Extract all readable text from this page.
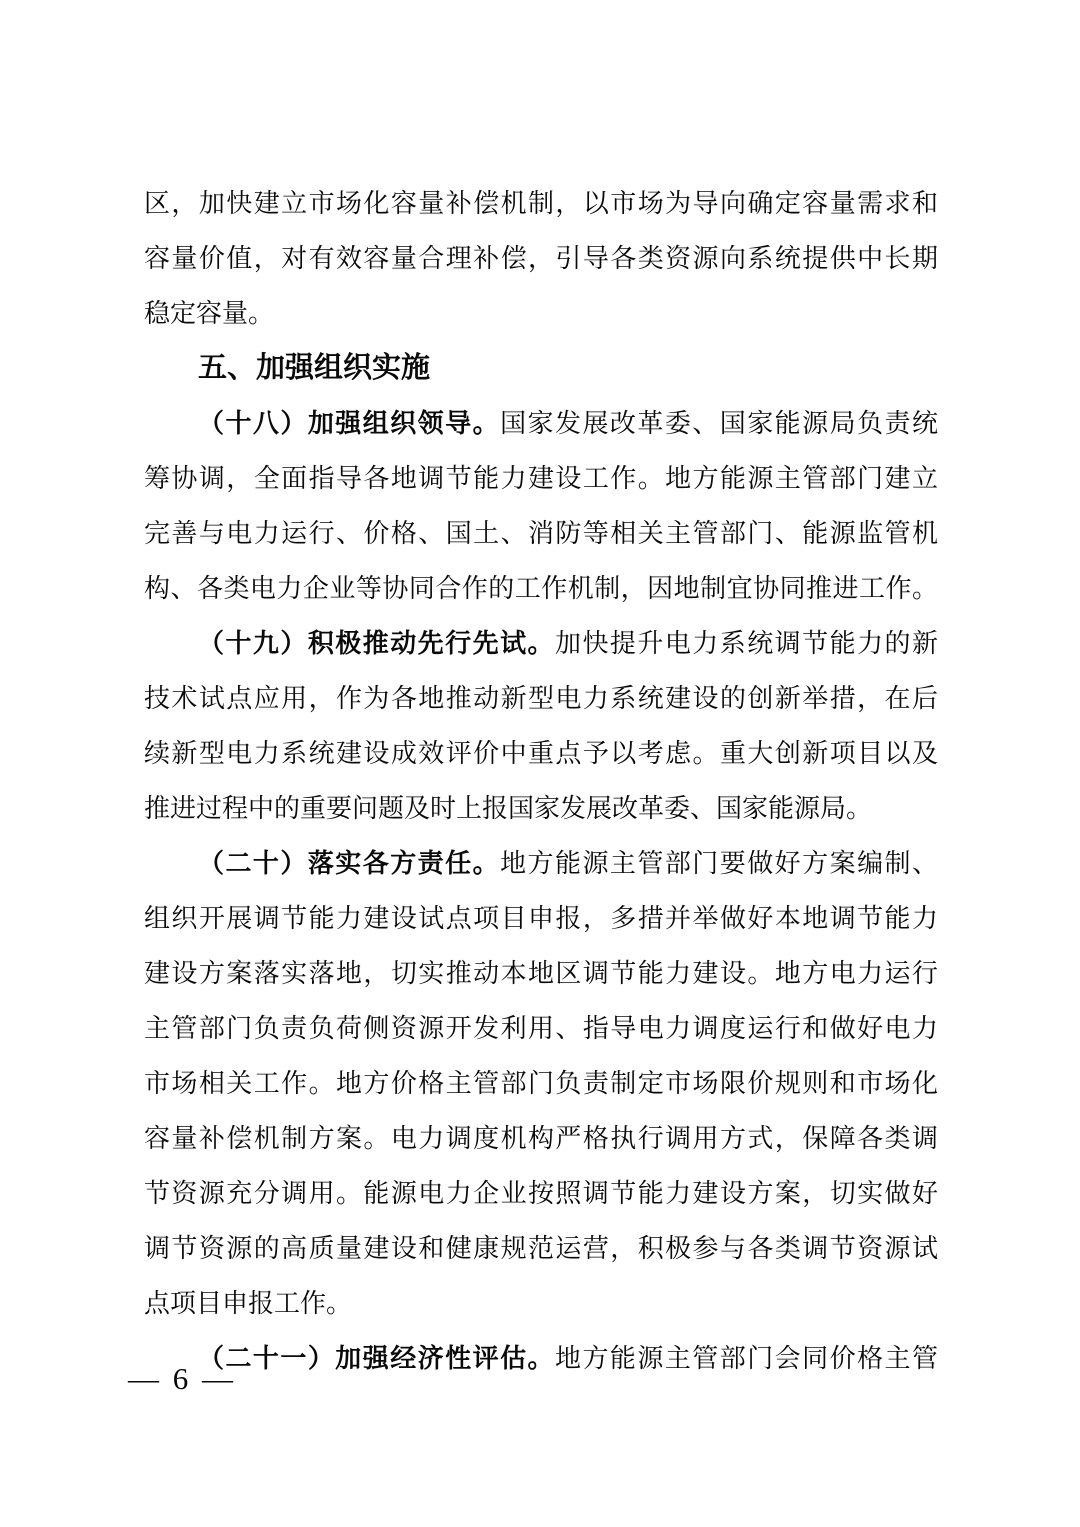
区，加快建立市场化容量补偿机制，以市场为导向确定容量需求和
容量价值，对有效容量合理补偿，引导各类资源向系统提供中长期
稳定容量。
五、加强组织实施
（十八）加强组织领导。国家发展改革委、国家能源局负责统
筹协调，全面指导各地调节能力建设工作。地方能源主管部门建立
完善与电力运行、价格、国土、消防等相关主管部门、能源监管机
构、各类电力企业等协同合作的工作机制，因地制宜协同推进工作。
（十九）积极推动先行先试。加快提升电力系统调节能力的新
技术试点应用，作为各地推动新型电力系统建设的创新举措，在后
续新型电力系统建设成效评价中重点予以考虑。重大创新项目以及
推进过程中的重要问题及时上报国家发展改革委、国家能源局。
（二十）落实各方责任。地方能源主管部门要做好方案编制、
组织开展调节能力建设试点项目申报，多措并举做好本地调节能力
建设方案落实落地，切实推动本地区调节能力建设。地方电力运行
主管部门负责负荷侧资源开发利用、指导电力调度运行和做好电力
市场相关工作。地方价格主管部门负责制定市场限价规则和市场化
容量补偿机制方案。电力调度机构严格执行调用方式，保障各类调
节资源充分调用。能源电力企业按照调节能力建设方案，切实做好
调节资源的高质量建设和健康规范运营，积极参与各类调节资源试
点项目申报工作。
（二十一）加强经济性评估。地方能源主管部门会同价格主管
— 6 —
